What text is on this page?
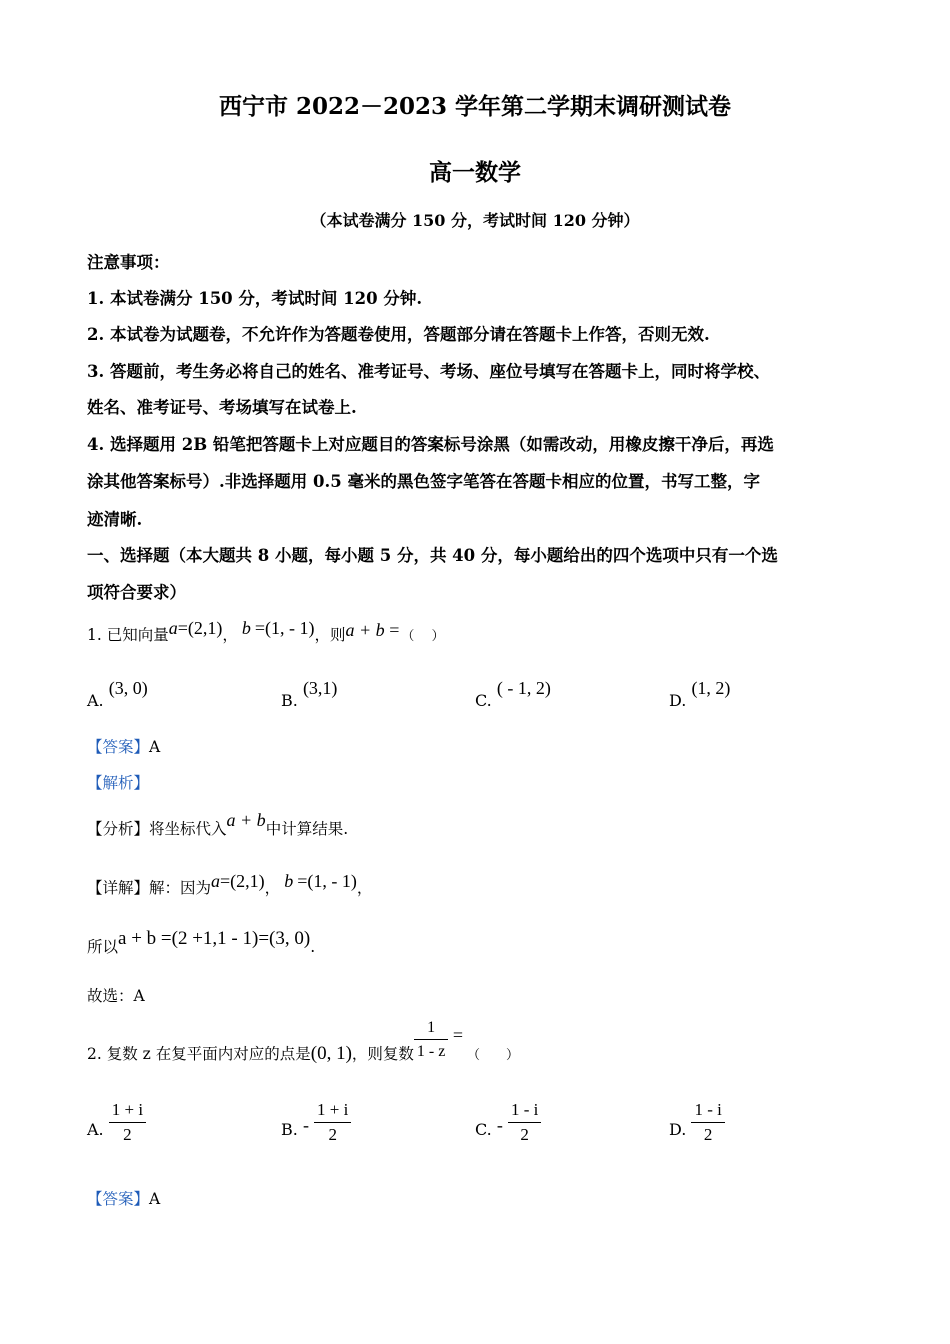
西宁市 2022－2023 学年第二学期末调研测试卷
高一数学
（本试卷满分 150 分，考试时间 120 分钟）
注意事项：
1. 本试卷满分 150 分，考试时间 120 分钟.
2. 本试卷为试题卷，不允许作为答题卷使用，答题部分请在答题卡上作答，否则无效.
3. 答题前，考生务必将自己的姓名、准考证号、考场、座位号填写在答题卡上，同时将学校、
姓名、准考证号、考场填写在试卷上.
4. 选择题用 2B 铅笔把答题卡上对应题目的答案标号涂黑（如需改动，用橡皮擦干净后，再选
涂其他答案标号）.非选择题用 0.5 毫米的黑色签字笔答在答题卡相应的位置，书写工整，字
迹清晰.
一、选择题（本大题共 8 小题，每小题 5 分，共 40 分，每小题给出的四个选项中只有一个选
项符合要求）
1. 已知向量a=(2,1)， b =(1, - 1)，则a + b = （　 ）
A. (3, 0)
B. (3,1)
C. ( - 1, 2)
D. (1, 2)
【答案】A
【解析】
【分析】将坐标代入a + b中计算结果.
【详解】解：因为a=(2,1)， b =(1, - 1)，
所以a + b =(2 +1,1 - 1)=(3, 0).
故选：A
2. 复数 z 在复平面内对应的点是(0, 1)，则复数 $\frac{1}{1 - z} =_{( )}$
A. $\frac{1 + i}{2}$	B. - $\frac{1 + i}{2}$	C. - $\frac{1 - i}{2}$	D. $\frac{1 - i}{2}$
【答案】A
